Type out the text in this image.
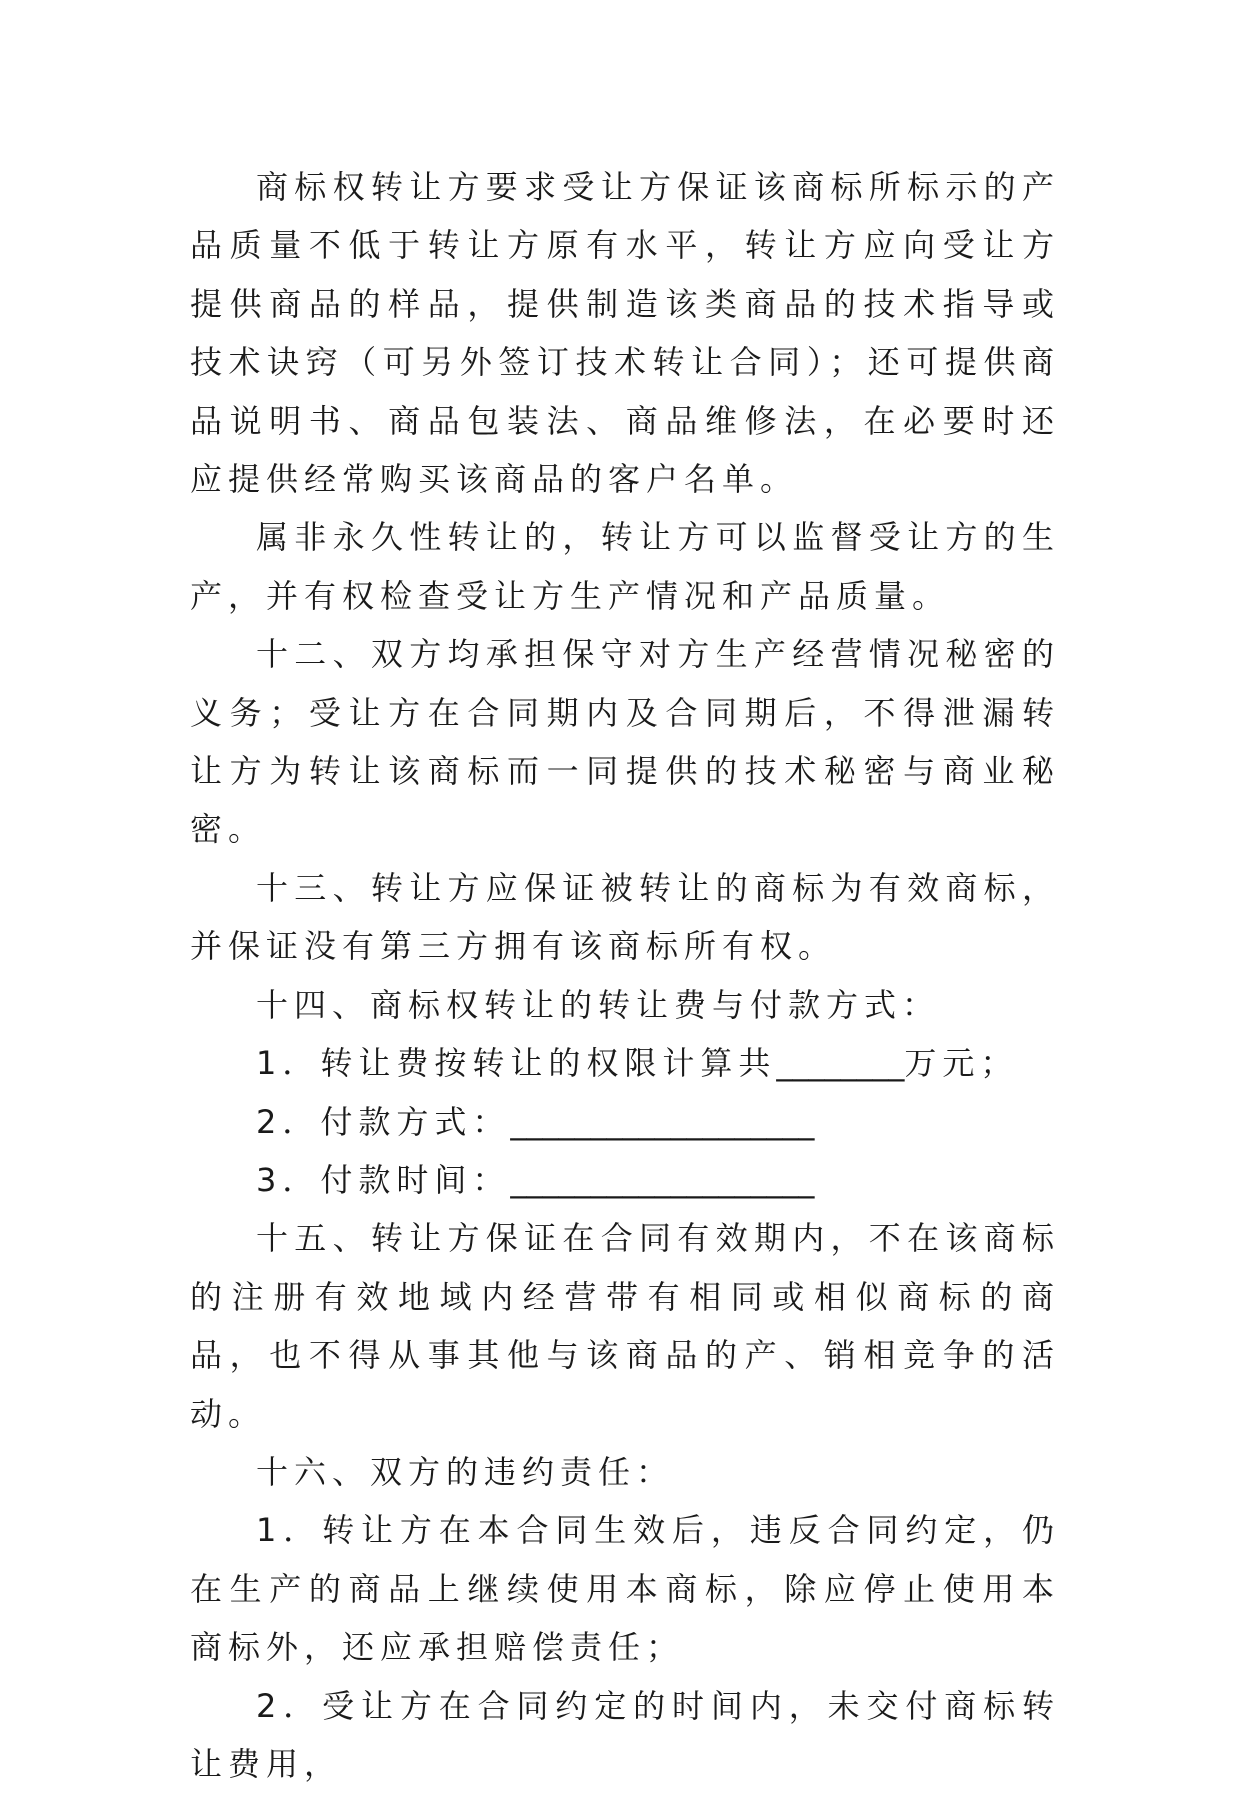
商标权转让方要求受让方保证该商标所标示的产品质量不低于转让方原有水平，转让方应向受让方提供商品的样品，提供制造该类商品的技术指导或技术诀窍（可另外签订技术转让合同）；还可提供商品说明书、商品包装法、商品维修法，在必要时还应提供经常购买该商品的客户名单。

属非永久性转让的，转让方可以监督受让方的生产，并有权检查受让方生产情况和产品质量。

十二、双方均承担保守对方生产经营情况秘密的义务；受让方在合同期内及合同期后，不得泄漏转让方为转让该商标而一同提供的技术秘密与商业秘密。

十三、转让方应保证被转让的商标为有效商标，并保证没有第三方拥有该商标所有权。

十四、商标权转让的转让费与付款方式：

1．转让费按转让的权限计算共________万元；

2．付款方式：___________________

3．付款时间：___________________

十五、转让方保证在合同有效期内，不在该商标的注册有效地域内经营带有相同或相似商标的商品，也不得从事其他与该商品的产、销相竞争的活动。

十六、双方的违约责任：

1．转让方在本合同生效后，违反合同约定，仍在生产的商品上继续使用本商标，除应停止使用本商标外，还应承担赔偿责任；

2．受让方在合同约定的时间内，未交付商标转让费用，
